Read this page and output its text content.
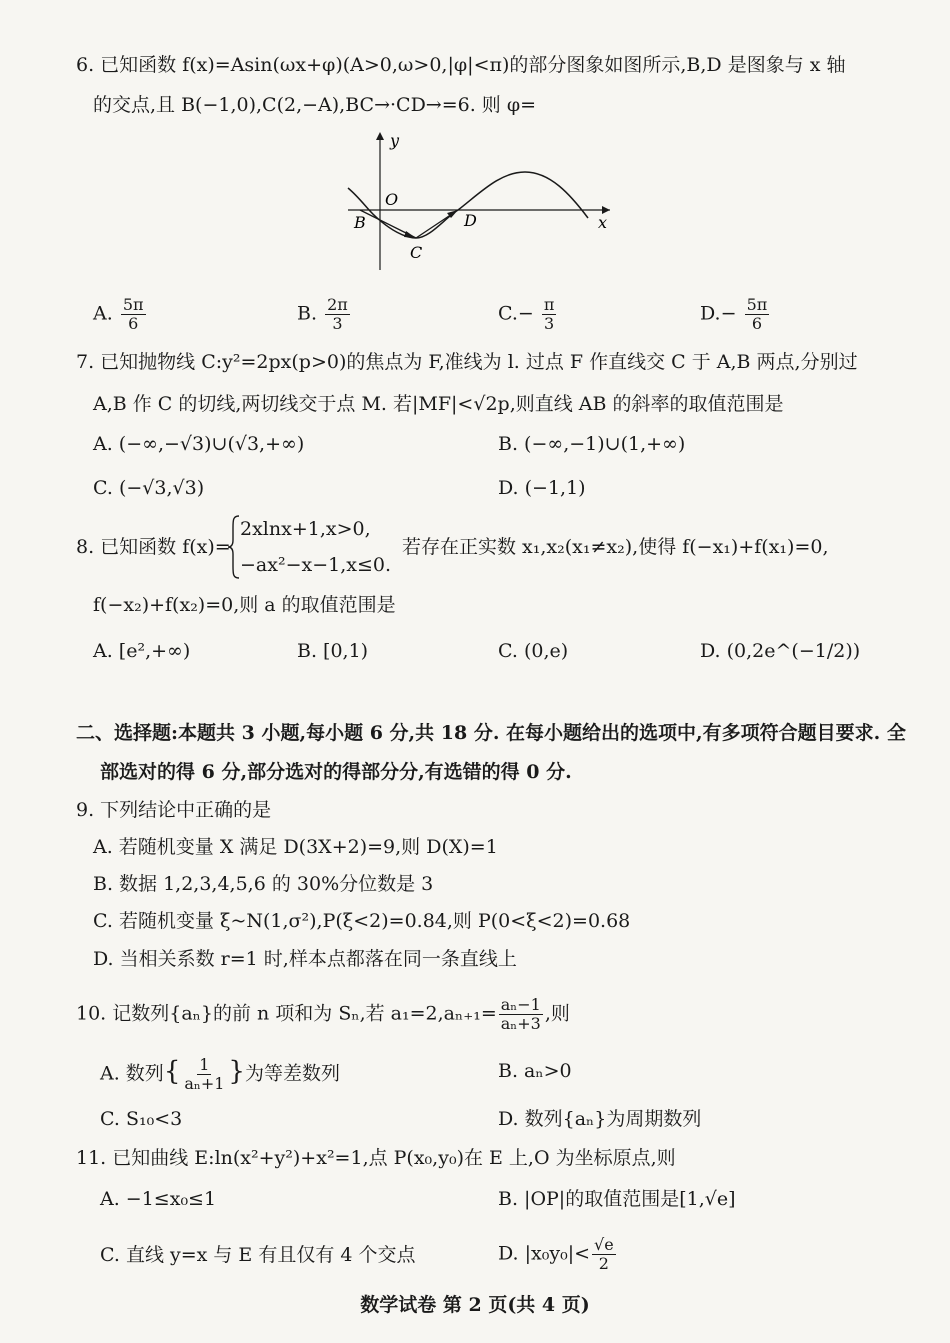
6. 已知函数 f(x)=Asin(ωx+φ)(A>0,ω>0,|φ|<π)的部分图象如图所示,B,D 是图象与 x 轴
的交点,且 B(−1,0),C(2,−A),BC→·CD→=6. 则 φ=
y
x
O
B
C
D
A. $\frac{5\pi}{6}$	B. $\frac{2\pi}{3}$	$C.- \frac{\pi}{3}$	$D.- \frac{5\pi}{6}$
7. 已知抛物线 C:y²=2px(p>0)的焦点为 F,准线为 l. 过点 F 作直线交 C 于 A,B 两点,分别过
A,B 作 C 的切线,两切线交于点 M. 若|MF|<√2p,则直线 AB 的斜率的取值范围是
A. (−∞,−√3)∪(√3,+∞)	B. (−∞,−1)∪(1,+∞)
C. (−√3,√3)	D. (−1,1)
8. 已知函数 f(x)=
2xlnx+1,x>0,
−ax²−x−1,x≤0.
若存在正实数 x₁,x₂(x₁≠x₂),使得 f(−x₁)+f(x₁)=0,
f(−x₂)+f(x₂)=0,则 a 的取值范围是
A. [e²,+∞)	B. [0,1)	C. (0,e)	D. (0,2e^(−1/2))
二、选择题:本题共 3 小题,每小题 6 分,共 18 分. 在每小题给出的选项中,有多项符合题目要求. 全
部选对的得 6 分,部分选对的得部分分,有选错的得 0 分.
9. 下列结论中正确的是
A. 若随机变量 X 满足 D(3X+2)=9,则 D(X)=1
B. 数据 1,2,3,4,5,6 的 30%分位数是 3
C. 若随机变量 ξ~N(1,σ²),P(ξ<2)=0.84,则 P(0<ξ<2)=0.68
D. 当相关系数 r=1 时,样本点都落在同一条直线上
10. 记数列{aₙ}的前 n 项和为 Sₙ,若 $a_1=2,a_{n+1}= \frac{\text{aₙ−1}}{\text{aₙ+3}}$ ,则
A. 数列{ $\frac{1}{\text{aₙ+1}}$ }为等差数列	B. aₙ>0
C. S₁₀<3	D. 数列{aₙ}为周期数列
11. 已知曲线 E:ln(x²+y²)+x²=1,点 P(x₀,y₀)在 E 上,O 为坐标原点,则
A. −1≤x₀≤1	B. |OP|的取值范围是[1,√e]
C. 直线 y=x 与 E 有且仅有 4 个交点	D. $|x_0y_0|< \frac{√e}{2}$
数学试卷 第 2 页(共 4 页)
